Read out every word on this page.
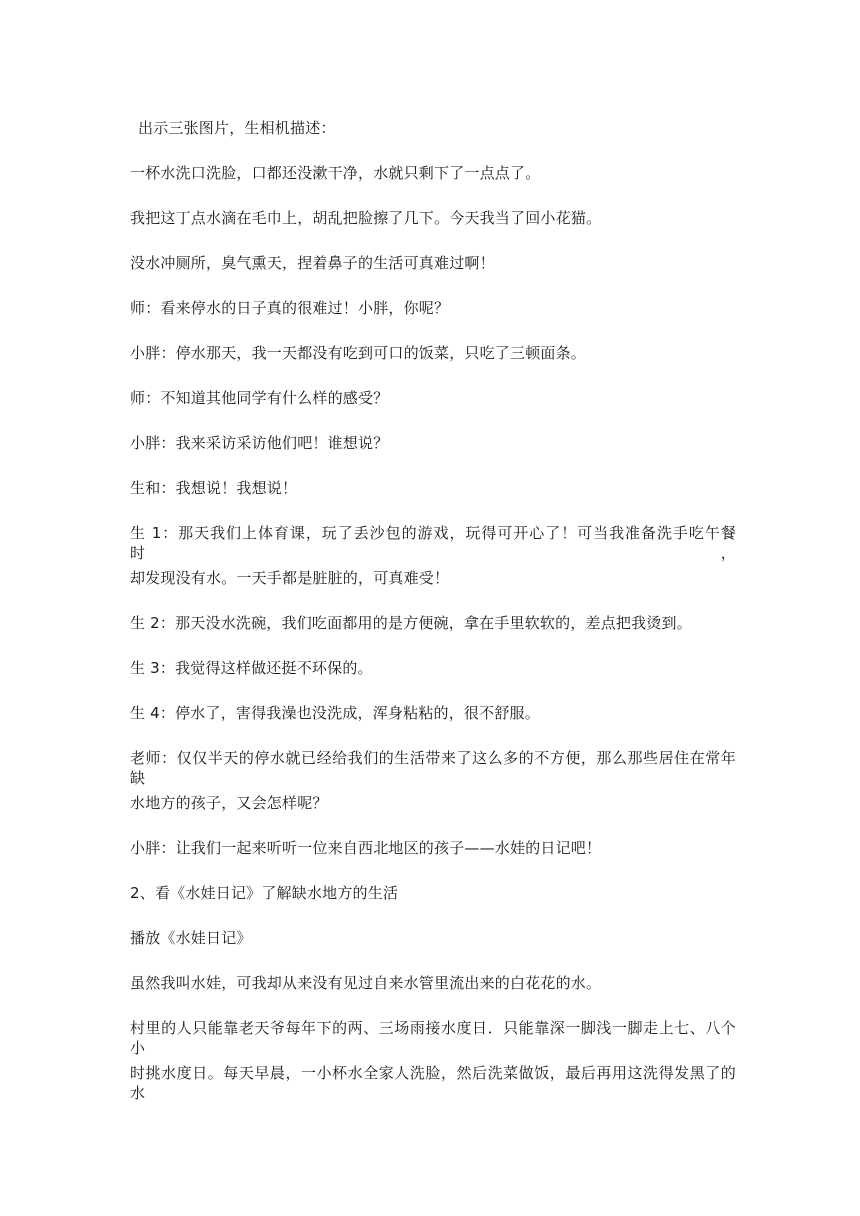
出示三张图片，生相机描述：
一杯水洗口洗脸，口都还没漱干净，水就只剩下了一点点了。
我把这丁点水滴在毛巾上，胡乱把脸擦了几下。今天我当了回小花猫。
没水冲厕所，臭气熏天，捏着鼻子的生活可真难过啊！
师：看来停水的日子真的很难过！小胖，你呢？
小胖：停水那天，我一天都没有吃到可口的饭菜，只吃了三顿面条。
师：不知道其他同学有什么样的感受？
小胖：我来采访采访他们吧！谁想说？
生和：我想说！我想说！
生 1：那天我们上体育课，玩了丢沙包的游戏，玩得可开心了！可当我准备洗手吃午餐时，
却发现没有水。一天手都是脏脏的，可真难受！
生 2：那天没水洗碗，我们吃面都用的是方便碗，拿在手里软软的，差点把我烫到。
生 3：我觉得这样做还挺不环保的。
生 4：停水了，害得我澡也没洗成，浑身粘粘的，很不舒服。
老师：仅仅半天的停水就已经给我们的生活带来了这么多的不方便，那么那些居住在常年缺
水地方的孩子，又会怎样呢？
小胖：让我们一起来听听一位来自西北地区的孩子——水娃的日记吧！
2、看《水娃日记》了解缺水地方的生活
播放《水娃日记》
虽然我叫水娃，可我却从来没有见过自来水管里流出来的白花花的水。
村里的人只能靠老天爷每年下的两、三场雨接水度日．只能靠深一脚浅一脚走上七、八个小
时挑水度日。每天早晨，一小杯水全家人洗脸，然后洗菜做饭，最后再用这洗得发黑了的水
